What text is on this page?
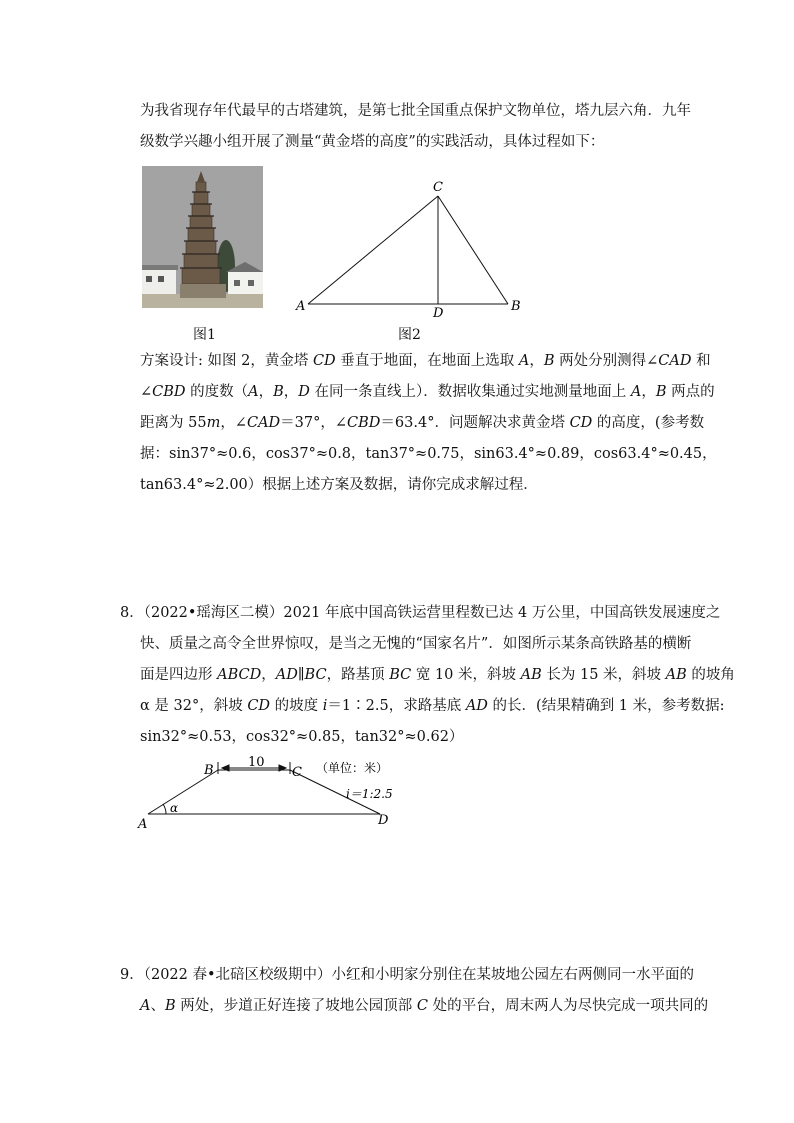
为我省现存年代最早的古塔建筑，是第七批全国重点保护文物单位，塔九层六角．九年
级数学兴趣小组开展了测量“黄金塔的高度”的实践活动，具体过程如下：

图1
C
A	D	B
图2

方案设计: 如图 2，黄金塔 CD 垂直于地面，在地面上选取 A，B 两处分别测得∠CAD 和
∠CBD 的度数（A，B，D 在同一条直线上）．数据收集通过实地测量地面上 A，B 两点的
距离为 55m，∠CAD＝37°，∠CBD＝63.4°．问题解决求黄金塔 CD 的高度，(参考数
据：sin37°≈0.6，cos37°≈0.8，tan37°≈0.75，sin63.4°≈0.89，cos63.4°≈0.45，
tan63.4°≈2.00）根据上述方案及数据，请你完成求解过程．

8．（2022•瑶海区二模）2021 年底中国高铁运营里程数已达 4 万公里，中国高铁发展速度之
快、质量之高令全世界惊叹，是当之无愧的“国家名片”．如图所示某条高铁路基的横断
面是四边形 ABCD，AD∥BC，路基顶 BC 宽 10 米，斜坡 AB 长为 15 米，斜坡 AB 的坡角
α 是 32°，斜坡 CD 的坡度 i＝1∶2.5，求路基底 AD 的长．(结果精确到 1 米，参考数据:
sin32°≈0.53，cos32°≈0.85，tan32°≈0.62）

B	C
A	D
10	（单位：米）
i＝1:2.5
α

9．（2022 春•北碚区校级期中）小红和小明家分别住在某坡地公园左右两侧同一水平面的
A、B 两处，步道正好连接了坡地公园顶部 C 处的平台，周末两人为尽快完成一项共同的
